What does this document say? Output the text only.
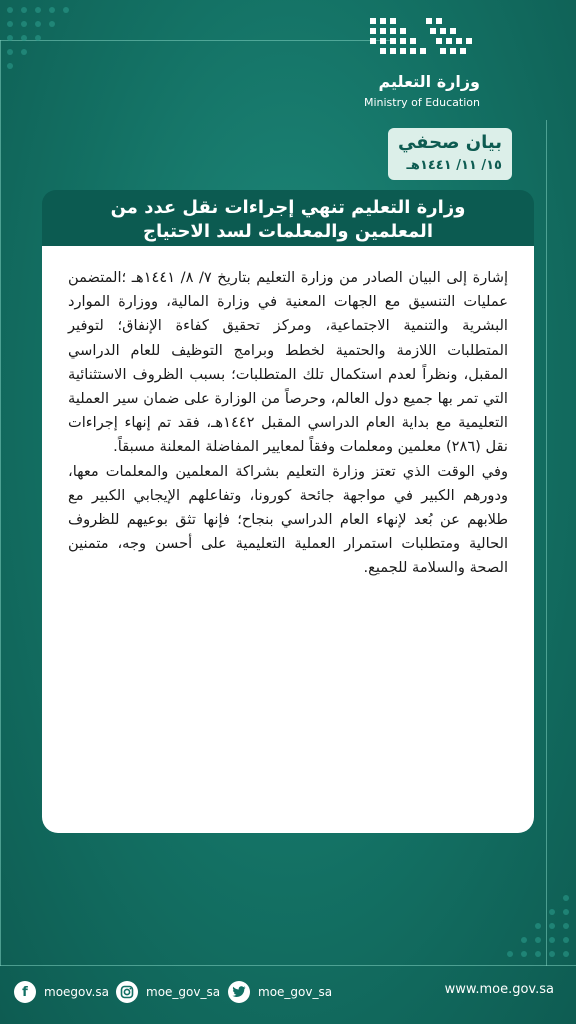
وزارة التعليم
Ministry of Education
بيان صحفي
١٥/ ١١/ ١٤٤١هـ
وزارة التعليم تنهي إجراءات نقل عدد من
المعلمين والمعلمات لسد الاحتياج

إشارة إلى البيان الصادر من وزارة التعليم بتاريخ ٧/ ٨/ ١٤٤١هـ ؛المتضمن عمليات التنسيق مع الجهات المعنية في وزارة المالية، ووزارة الموارد البشرية والتنمية الاجتماعية، ومركز تحقيق كفاءة الإنفاق؛ لتوفير المتطلبات اللازمة والحتمية لخطط وبرامج التوظيف للعام الدراسي المقبل، ونظراً لعدم استكمال تلك المتطلبات؛ بسبب الظروف الاستثنائية التي تمر بها جميع دول العالم، وحرصاً من الوزارة على ضمان سير العملية التعليمية مع بداية العام الدراسي المقبل ١٤٤٢هـ، فقد تم إنهاء إجراءات نقل (٢٨٦) معلمين ومعلمات وفقاً لمعايير المفاضلة المعلنة مسبقاً.

وفي الوقت الذي تعتز وزارة التعليم بشراكة المعلمين والمعلمات معها، ودورهم الكبير في مواجهة جائحة كورونا، وتفاعلهم الإيجابي الكبير مع طلابهم عن بُعد لإنهاء العام الدراسي بنجاح؛ فإنها تثق بوعيهم للظروف الحالية ومتطلبات استمرار العملية التعليمية على أحسن وجه، متمنين الصحة والسلامة للجميع.

f	moegov.sa	moe_gov_sa	moe_gov_sa	www.moe.gov.sa
